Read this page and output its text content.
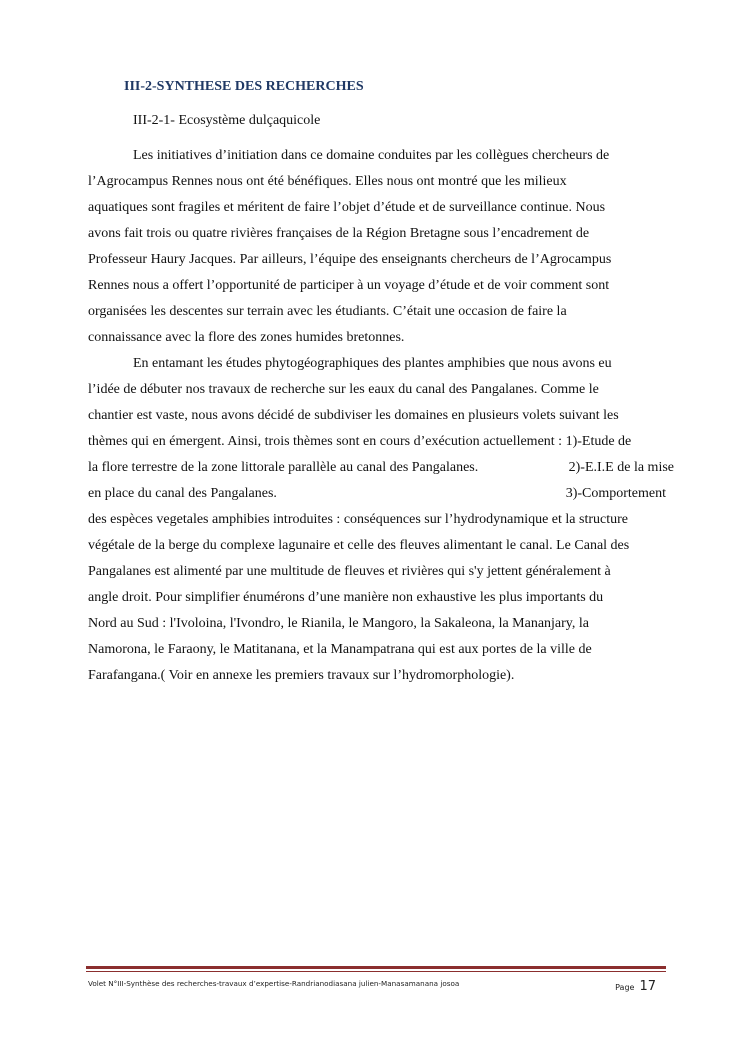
III-2-SYNTHESE DES RECHERCHES
III-2-1- Ecosystème dulçaquicole
Les initiatives d’initiation dans ce domaine conduites par les collègues chercheurs de
l’Agrocampus Rennes nous ont été bénéfiques. Elles nous ont montré que les milieux
aquatiques sont fragiles et méritent de faire l’objet d’étude et de surveillance continue. Nous
avons fait trois ou quatre rivières françaises de la Région Bretagne sous l’encadrement de
Professeur Haury Jacques. Par ailleurs, l’équipe des enseignants chercheurs de l’Agrocampus
Rennes nous a offert l’opportunité de participer à un voyage d’étude et de voir comment sont
organisées les descentes sur terrain avec les étudiants. C’était une occasion de faire la
connaissance avec la flore des zones humides bretonnes.
En entamant les études phytogéographiques des plantes amphibies que nous avons eu
l’idée de débuter nos travaux de recherche sur les eaux du canal des Pangalanes. Comme le
chantier est vaste, nous avons décidé de subdiviser les domaines en plusieurs volets suivant les
thèmes qui en émergent. Ainsi, trois thèmes sont en cours d’exécution actuellement : 1)-Etude de
la flore terrestre de la zone littorale parallèle au canal des Pangalanes.	2)-E.I.E de la mise
en place du canal des Pangalanes.	3)-Comportement
des espèces vegetales amphibies introduites : conséquences sur l’hydrodynamique et la structure
végétale de la berge du complexe lagunaire et celle des fleuves alimentant le canal. Le Canal des
Pangalanes est alimenté par une multitude de fleuves et rivières qui s'y jettent généralement à
angle droit. Pour simplifier énumérons d’une manière non exhaustive les plus importants du
Nord au Sud : l'Ivoloina, l'Ivondro, le Rianila, le Mangoro, la Sakaleona, la Mananjary, la
Namorona, le Faraony, le Matitanana, et la Manampatrana qui est aux portes de la ville de
Farafangana.( Voir en annexe les premiers travaux sur l’hydromorphologie).
Volet N°III-Synthèse des recherches-travaux d’expertise-Randrianodiasana julien-Manasamanana josoa	Page 17
